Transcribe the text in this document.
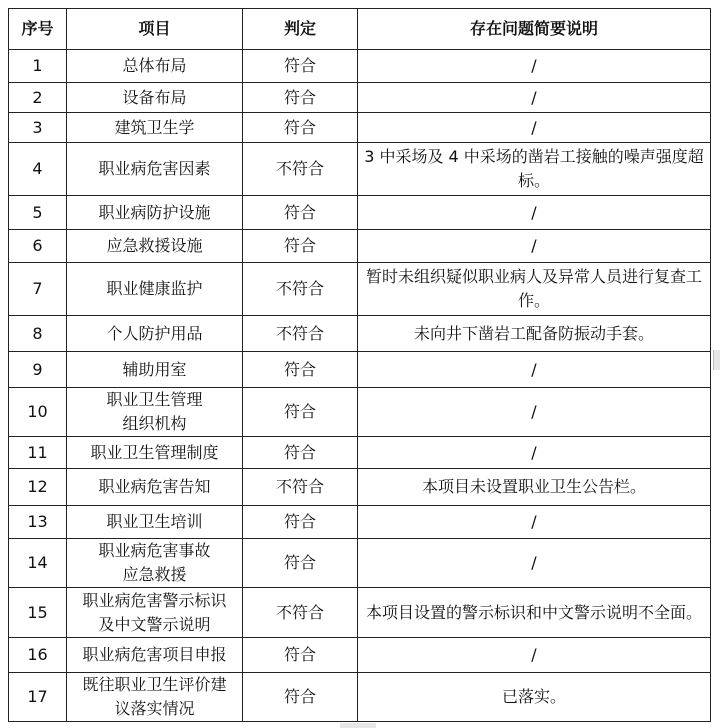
序号	项目	判定	存在问题简要说明
1	总体布局	符合	/
2	设备布局	符合	/
3	建筑卫生学	符合	/
4	职业病危害因素	不符合	3 中采场及 4 中采场的凿岩工接触的噪声强度超标。
5	职业病防护设施	符合	/
6	应急救援设施	符合	/
7	职业健康监护	不符合	暂时未组织疑似职业病人及异常人员进行复查工作。
8	个人防护用品	不符合	未向井下凿岩工配备防振动手套。
9	辅助用室	符合	/
10	职业卫生管理组织机构	符合	/
11	职业卫生管理制度	符合	/
12	职业病危害告知	不符合	本项目未设置职业卫生公告栏。
13	职业卫生培训	符合	/
14	职业病危害事故应急救援	符合	/
15	职业病危害警示标识及中文警示说明	不符合	本项目设置的警示标识和中文警示说明不全面。
16	职业病危害项目申报	符合	/
17	既往职业卫生评价建议落实情况	符合	已落实。
